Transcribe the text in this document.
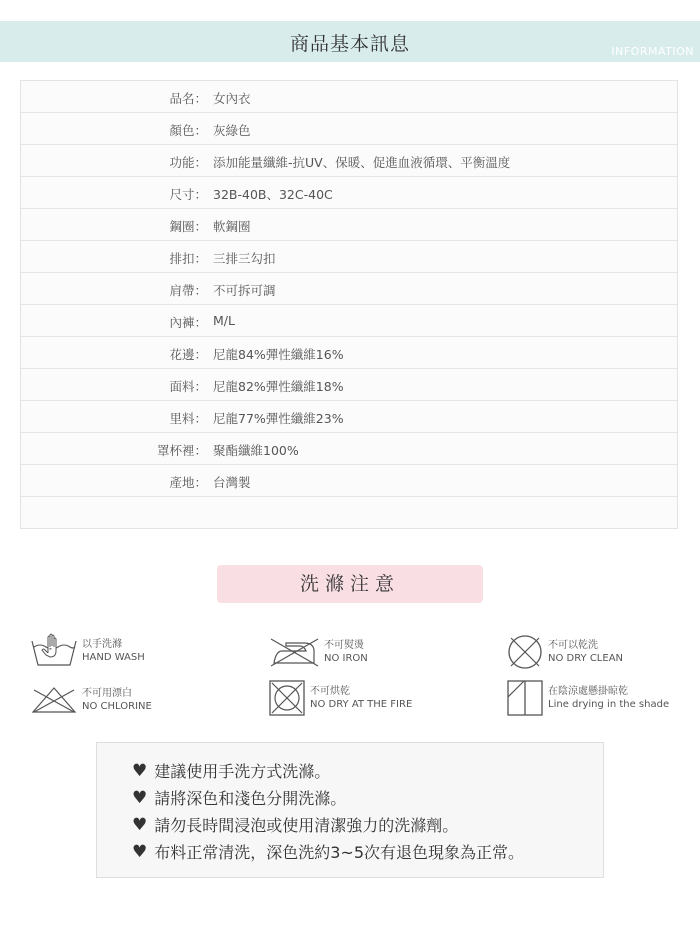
商品基本訊息	INFORMATION
品名： 女內衣
顏色： 灰綠色
功能： 添加能量纖維-抗UV、保暖、促進血液循環、平衡溫度
尺寸： 32B-40B、32C-40C
鋼圈： 軟鋼圈
排扣： 三排三勾扣
肩帶： 不可拆可調
內褲： M/L
花邊： 尼龍84%彈性纖維16%
面料： 尼龍82%彈性纖維18%
里料： 尼龍77%彈性纖維23%
罩杯裡： 聚酯纖維100%
產地： 台灣製
洗滌注意
以手洗滌
HAND WASH
不可熨燙
NO IRON
不可以乾洗
NO DRY CLEAN
不可用漂白
NO CHLORINE
不可烘乾
NO DRY AT THE FIRE
在陰涼處懸掛晾乾
Line drying in the shade
♥ 建議使用手洗方式洗滌。
♥ 請將深色和淺色分開洗滌。
♥ 請勿長時間浸泡或使用清潔強力的洗滌劑。
♥ 布料正常清洗，深色洗約3~5次有退色現象為正常。
